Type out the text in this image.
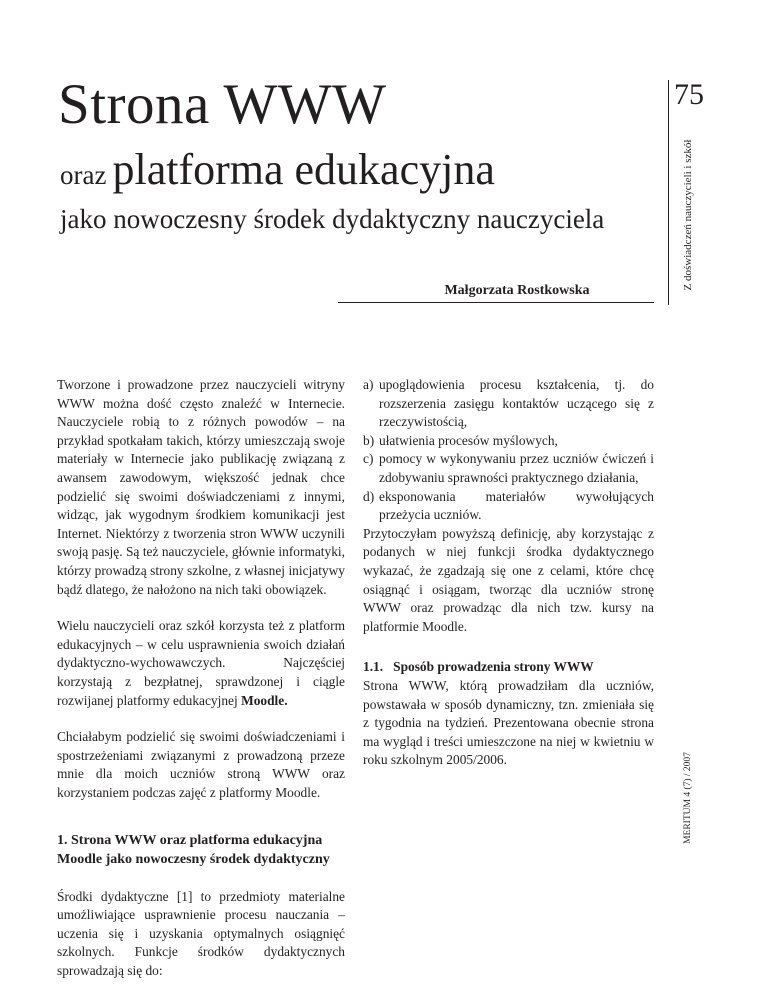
Strona WWW
oraz platforma edukacyjna
jako nowoczesny środek dydaktyczny nauczyciela
Małgorzata Rostkowska
75
Z doświadczeń nauczycieli i szkół
MERITUM 4 (7) / 2007

Tworzone i prowadzone przez nauczycieli witryny WWW można dość często znaleźć w Internecie. Nauczyciele robią to z różnych powodów – na przykład spotkałam takich, którzy umieszczają swoje materiały w Internecie jako publikację związaną z awansem zawodowym, większość jednak chce podzielić się swoimi doświadczeniami z innymi, widząc, jak wygodnym środkiem komunikacji jest Internet. Niektórzy z tworzenia stron WWW uczynili swoją pasję. Są też nauczyciele, głównie informatyki, którzy prowadzą strony szkolne, z własnej inicjatywy bądź dlatego, że nałożono na nich taki obowiązek.

Wielu nauczycieli oraz szkół korzysta też z platform edukacyjnych – w celu usprawnienia swoich działań dydaktyczno-wychowawczych. Najczęściej korzystają z bezpłatnej, sprawdzonej i ciągle rozwijanej platformy edukacyjnej Moodle.

Chciałabym podzielić się swoimi doświadczeniami i spostrzeżeniami związanymi z prowadzoną przeze mnie dla moich uczniów stroną WWW oraz korzystaniem podczas zajęć z platformy Moodle.

1. Strona WWW oraz platforma edukacyjna Moodle jako nowoczesny środek dydaktyczny

Środki dydaktyczne [1] to przedmioty materialne umożliwiające usprawnienie procesu nauczania – uczenia się i uzyskania optymalnych osiągnięć szkolnych. Funkcje środków dydaktycznych sprowadzają się do:

a) upoglądowienia procesu kształcenia, tj. do rozszerzenia zasięgu kontaktów uczącego się z rzeczywistością,
b) ułatwienia procesów myślowych,
c) pomocy w wykonywaniu przez uczniów ćwiczeń i zdobywaniu sprawności praktycznego działania,
d) eksponowania materiałów wywołujących przeżycia uczniów.

Przytoczyłam powyższą definicję, aby korzystając z podanych w niej funkcji środka dydaktycznego wykazać, że zgadzają się one z celami, które chcę osiągnąć i osiągam, tworząc dla uczniów stronę WWW oraz prowadząc dla nich tzw. kursy na platformie Moodle.

1.1.   Sposób prowadzenia strony WWW

Strona WWW, którą prowadziłam dla uczniów, powstawała w sposób dynamiczny, tzn. zmieniała się z tygodnia na tydzień. Prezentowana obecnie strona ma wygląd i treści umieszczone na niej w kwietniu w roku szkolnym 2005/2006.
